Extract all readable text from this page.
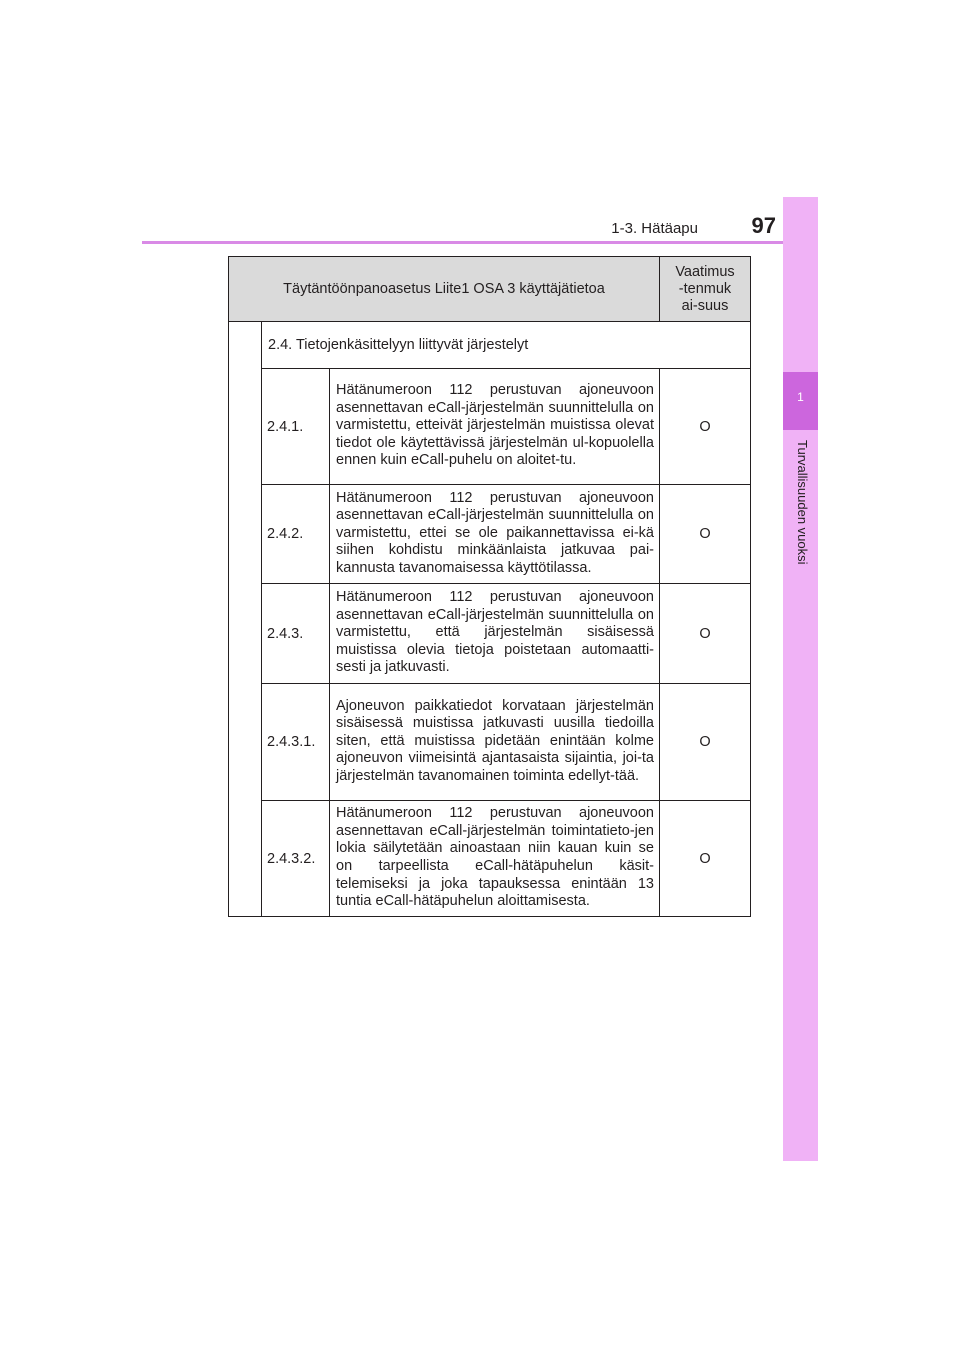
1-3. Hätäapu	97
1
Turvallisuuden vuoksi
Täytäntöönpanoasetus Liite1 OSA 3 käyttäjätietoa			Vaatimus-tenmukai-suus
	2.4. Tietojenkäsittelyyn liittyvät järjestelyt		
	2.4.1.	Hätänumeroon 112 perustuvan ajoneuvoon asennettavan eCall-järjestelmän suunnittelulla on varmistettu, etteivät järjestelmän muistissa olevat tiedot ole käytettävissä järjestelmän ul-kopuolella ennen kuin eCall-puhelu on aloitet-tu.	O
	2.4.2.	Hätänumeroon 112 perustuvan ajoneuvoon asennettavan eCall-järjestelmän suunnittelulla on varmistettu, ettei se ole paikannettavissa ei-kä siihen kohdistu minkäänlaista jatkuvaa pai-kannusta tavanomaisessa käyttötilassa.	O
	2.4.3.	Hätänumeroon 112 perustuvan ajoneuvoon asennettavan eCall-järjestelmän suunnittelulla on varmistettu, että järjestelmän sisäisessä muistissa olevia tietoja poistetaan automaatti-sesti ja jatkuvasti.	O
	2.4.3.1.	Ajoneuvon paikkatiedot korvataan järjestelmän sisäisessä muistissa jatkuvasti uusilla tiedoilla siten, että muistissa pidetään enintään kolme ajoneuvon viimeisintä ajantasaista sijaintia, joi-ta järjestelmän tavanomainen toiminta edellyt-tää.	O
	2.4.3.2.	Hätänumeroon 112 perustuvan ajoneuvoon asennettavan eCall-järjestelmän toimintatieto-jen lokia säilytetään ainoastaan niin kauan kuin se on tarpeellista eCall-hätäpuhelun käsit-telemiseksi ja joka tapauksessa enintään 13 tuntia eCall-hätäpuhelun aloittamisesta.	O
